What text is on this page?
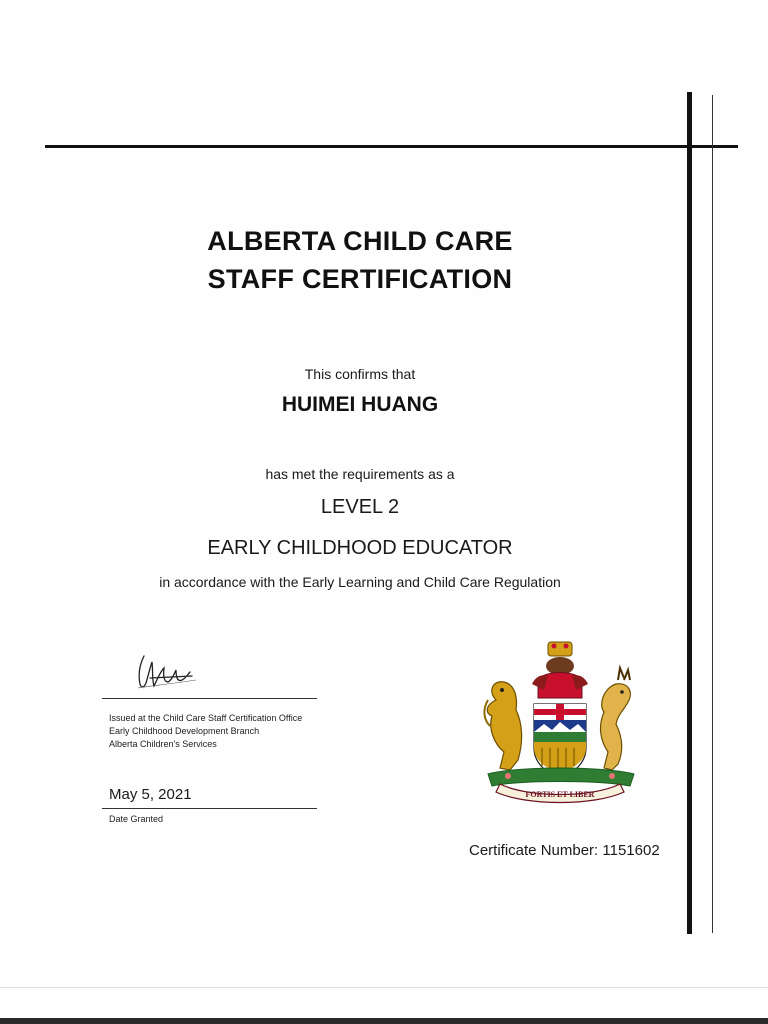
ALBERTA CHILD CARE
STAFF CERTIFICATION
This confirms that
HUIMEI HUANG
has met the requirements as a
LEVEL 2
EARLY CHILDHOOD EDUCATOR
in accordance with the Early Learning and Child Care Regulation
Issued at the Child Care Staff Certification Office
Early Childhood Development Branch
Alberta Children's Services
May 5, 2021
Date Granted
FORTIS ET LIBER
Certificate Number: 1151602
